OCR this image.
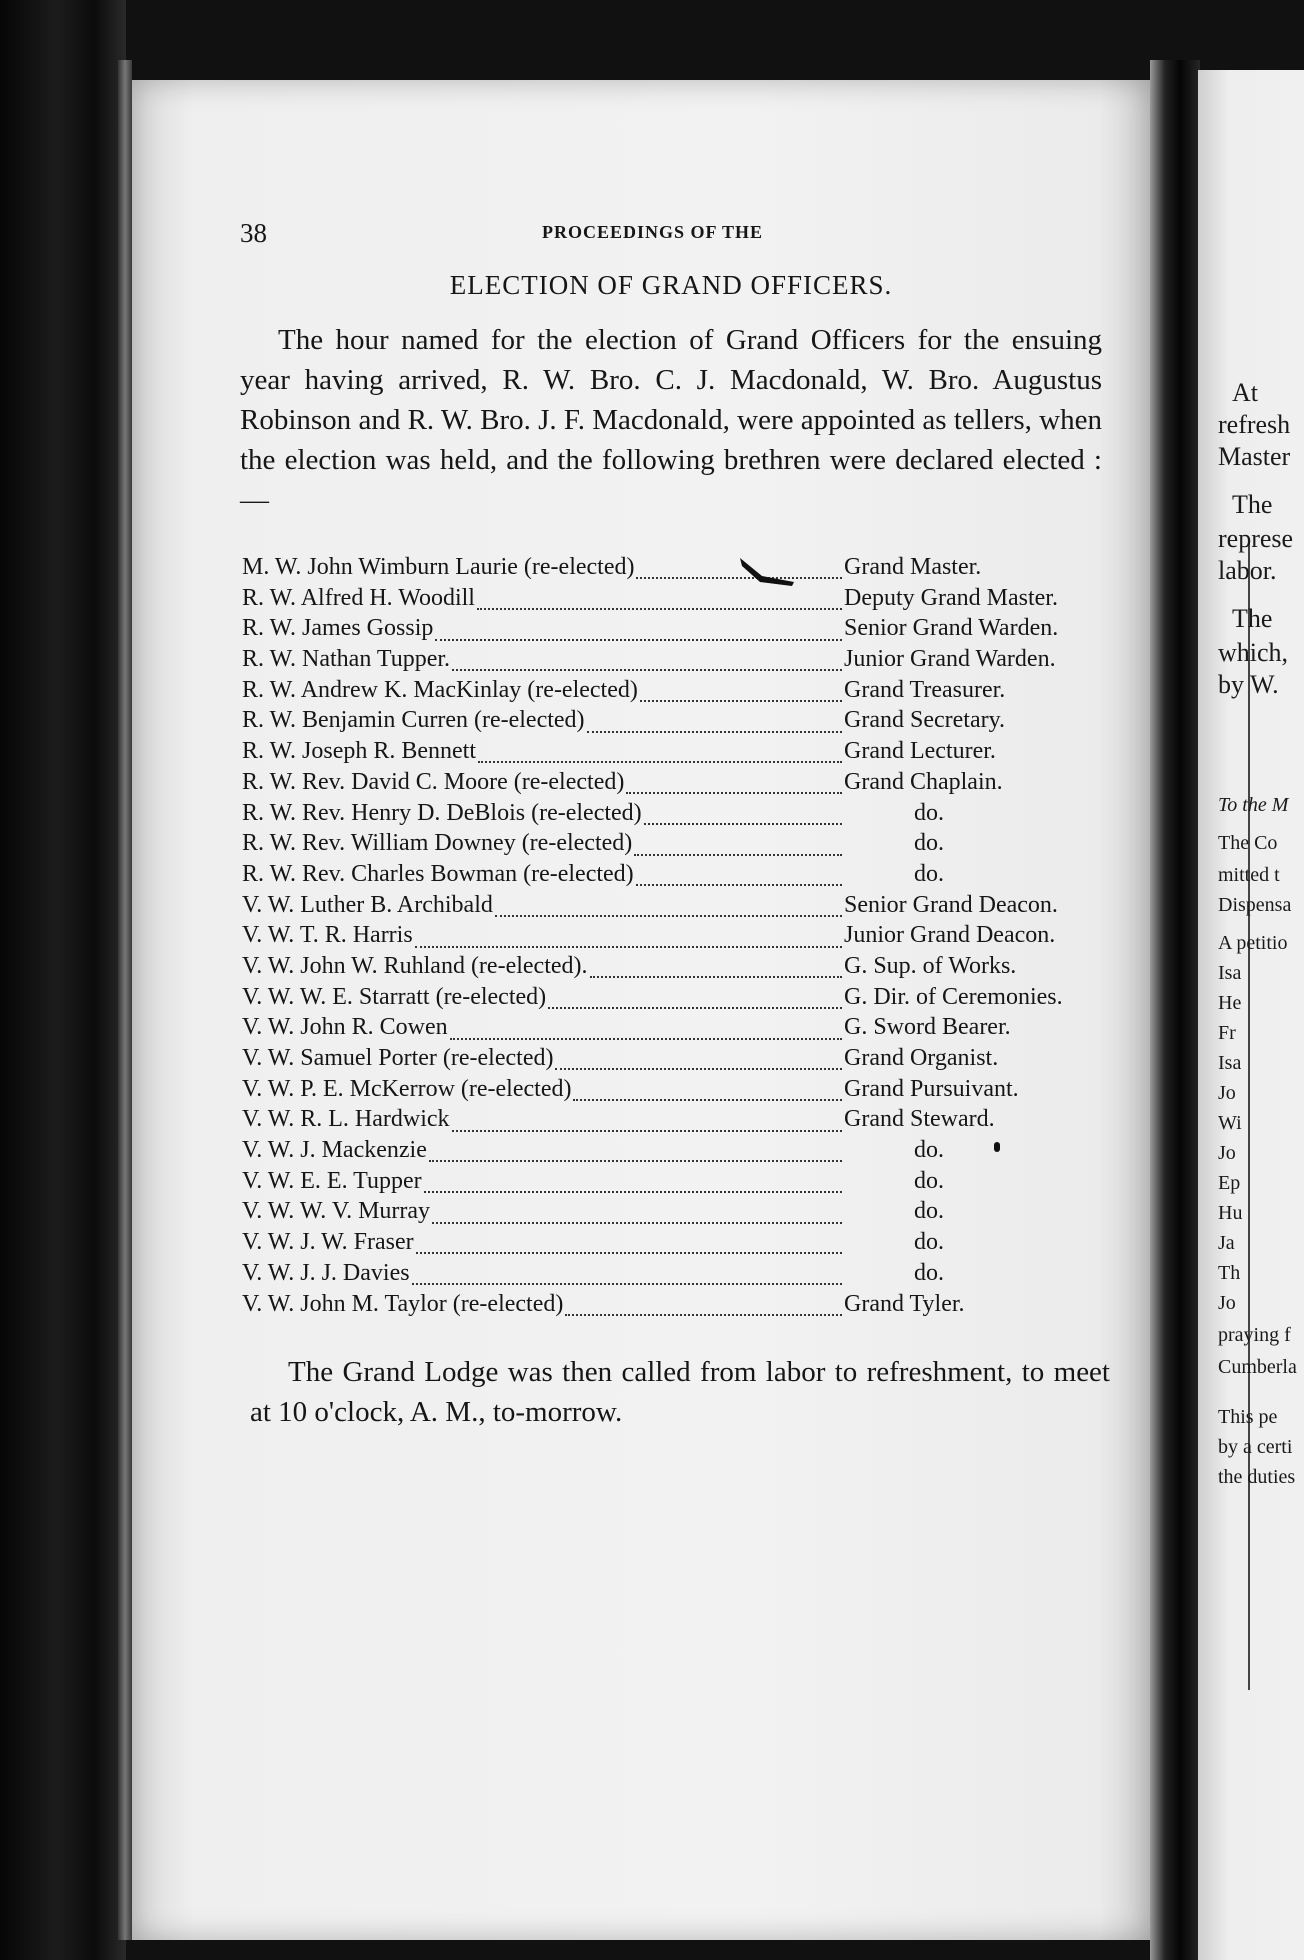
38	PROCEEDINGS OF THE
ELECTION OF GRAND OFFICERS.

The hour named for the election of Grand Officers for the ensuing year having arrived, R. W. Bro. C. J. Macdonald, W. Bro. Augustus Robinson and R. W. Bro. J. F. Macdonald, were appointed as tellers, when the election was held, and the following brethren were declared elected :—

M. W. John Wimburn Laurie (re-elected)	Grand Master.
R. W. Alfred H. Woodill	Deputy Grand Master.
R. W. James Gossip	Senior Grand Warden.
R. W. Nathan Tupper.	Junior Grand Warden.
R. W. Andrew K. MacKinlay (re-elected)	Grand Treasurer.
R. W. Benjamin Curren (re-elected)	Grand Secretary.
R. W. Joseph R. Bennett	Grand Lecturer.
R. W. Rev. David C. Moore (re-elected)	Grand Chaplain.
R. W. Rev. Henry D. DeBlois (re-elected)	do.
R. W. Rev. William Downey (re-elected)	do.
R. W. Rev. Charles Bowman (re-elected)	do.
V. W. Luther B. Archibald	Senior Grand Deacon.
V. W. T. R. Harris	Junior Grand Deacon.
V. W. John W. Ruhland (re-elected).	G. Sup. of Works.
V. W. W. E. Starratt (re-elected)	G. Dir. of Ceremonies.
V. W. John R. Cowen	G. Sword Bearer.
V. W. Samuel Porter (re-elected)	Grand Organist.
V. W. P. E. McKerrow (re-elected)	Grand Pursuivant.
V. W. R. L. Hardwick	Grand Steward.
V. W. J. Mackenzie	do.
V. W. E. E. Tupper	do.
V. W. W. V. Murray	do.
V. W. J. W. Fraser	do.
V. W. J. J. Davies	do.
V. W. John M. Taylor (re-elected)	Grand Tyler.

The Grand Lodge was then called from labor to refreshment, to meet at 10 o'clock, A. M., to-morrow.

At
refresh
Master
The
represe
labor.
The
which,
by W.
To the M
The Co
mitted t
Dispensa
A petitio
Isa
He
Fr
Isa
Jo
Wi
Jo
Ep
Hu
Ja
Th
Jo
praying f
Cumberla
This pe
by a certi
the duties
